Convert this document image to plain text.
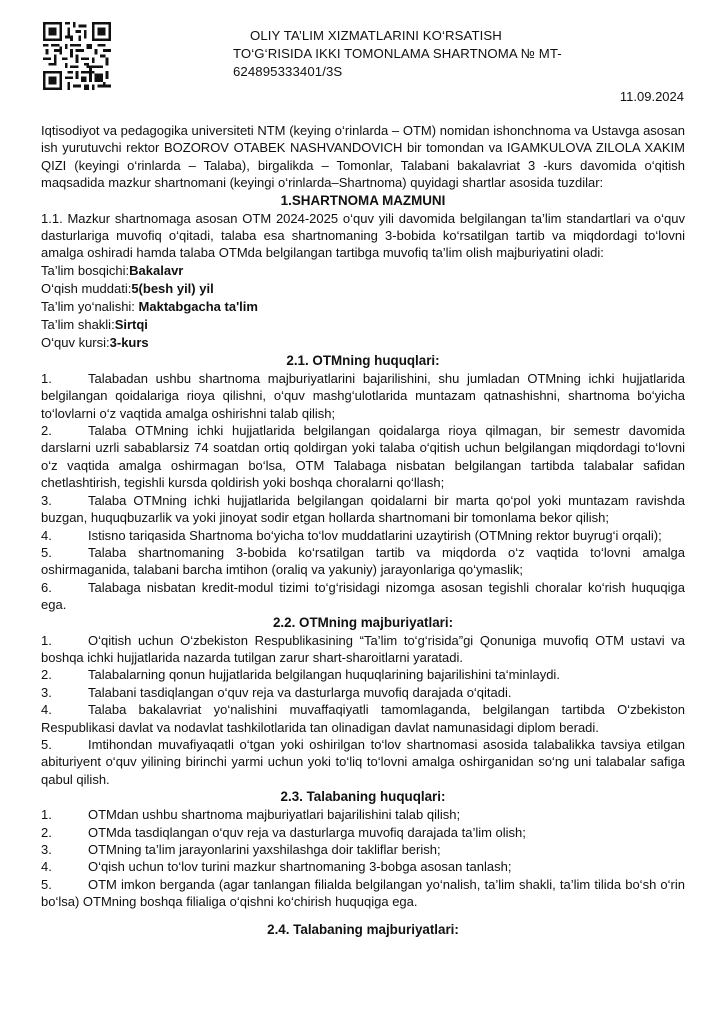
OLIY TA’LIM XIZMATLARINI KO‘RSATISH
TO‘G‘RISIDA IKKI TOMONLAMA SHARTNOMA № MT-
624895333401/3S
11.09.2024

Iqtisodiyot va pedagogika universiteti NTM (keying o‘rinlarda – OTM) nomidan ishonchnoma va Ustavga asosan ish yurutuvchi rektor BOZOROV OTABEK NASHVANDOVICH bir tomondan va IGAMKULOVA ZILOLA XAKIM QIZI (keyingi o‘rinlarda – Talaba), birgalikda – Tomonlar, Talabani bakalavriat 3 -kurs davomida o‘qitish maqsadida mazkur shartnomani (keyingi o‘rinlarda–Shartnoma) quyidagi shartlar asosida tuzdilar:

1.SHARTNOMA MAZMUNI

1.1. Mazkur shartnomaga asosan OTM 2024-2025 o‘quv yili davomida belgilangan ta’lim standartlari va o‘quv dasturlariga muvofiq o‘qitadi, talaba esa shartnomaning 3-bobida ko‘rsatilgan tartib va miqdordagi to‘lovni amalga oshiradi hamda talaba OTMda belgilangan tartibga muvofiq ta’lim olish majburiyatini oladi:

Ta’lim bosqichi:Bakalavr
O‘qish muddati:5(besh yil) yil
Ta’lim yo‘nalishi: Maktabgacha ta'lim
Ta’lim shakli:Sirtqi
O‘quv kursi:3-kurs
2.1. OTMning huquqlari:

1.	Talabadan ushbu shartnoma majburiyatlarini bajarilishini, shu jumladan OTMning ichki hujjatlarida belgilangan qoidalariga rioya qilishni, o‘quv mashg‘ulotlarida muntazam qatnashishni, shartnoma bo‘yicha to‘lovlarni o‘z vaqtida amalga oshirishni talab qilish;

2.	Talaba OTMning ichki hujjatlarida belgilangan qoidalarga rioya qilmagan, bir semestr davomida darslarni uzrli sabablarsiz 74 soatdan ortiq qoldirgan yoki talaba o‘qitish uchun belgilangan miqdordagi to‘lovni o‘z vaqtida amalga oshirmagan bo‘lsa, OTM Talabaga nisbatan belgilangan tartibda talabalar safidan chetlashtirish, tegishli kursda qoldirish yoki boshqa choralarni qo‘llash;

3.	Talaba OTMning ichki hujjatlarida belgilangan qoidalarni bir marta qo‘pol yoki muntazam ravishda buzgan, huquqbuzarlik va yoki jinoyat sodir etgan hollarda shartnomani bir tomonlama bekor qilish;

4.	Istisno tariqasida Shartnoma bo‘yicha to‘lov muddatlarini uzaytirish (OTMning rektor buyrug‘i orqali);

5.	Talaba shartnomaning 3-bobida ko‘rsatilgan tartib va miqdorda o‘z vaqtida to‘lovni amalga oshirmaganida, talabani barcha imtihon (oraliq va yakuniy) jarayonlariga qo‘ymaslik;

6.	Talabaga nisbatan kredit-modul tizimi to‘g‘risidagi nizomga asosan tegishli choralar ko‘rish huquqiga ega.

2.2. OTMning majburiyatlari:

1.	O‘qitish uchun O‘zbekiston Respublikasining “Ta’lim to‘g‘risida”gi Qonuniga muvofiq OTM ustavi va boshqa ichki hujjatlarida nazarda tutilgan zarur shart-sharoitlarni yaratadi.

2.	Talabalarning qonun hujjatlarida belgilangan huquqlarining bajarilishini ta‘minlaydi.

3.	Talabani tasdiqlangan o‘quv reja va dasturlarga muvofiq darajada o‘qitadi.

4.	Talaba bakalavriat yo‘nalishini muvaffaqiyatli tamomlaganda, belgilangan tartibda O‘zbekiston Respublikasi davlat va nodavlat tashkilotlarida tan olinadigan davlat namunasidagi diplom beradi.

5.	Imtihondan muvafiyaqatli o‘tgan yoki oshirilgan to‘lov shartnomasi asosida talabalikka tavsiya etilgan abituriyent o‘quv yilining birinchi yarmi uchun yoki to‘liq to‘lovni amalga oshirganidan so‘ng uni talabalar safiga qabul qilish.

2.3. Talabaning huquqlari:

1.	OTMdan ushbu shartnoma majburiyatlari bajarilishini talab qilish;

2.	OTMda tasdiqlangan o‘quv reja va dasturlarga muvofiq darajada ta’lim olish;

3.	OTMning ta’lim jarayonlarini yaxshilashga doir takliflar berish;

4.	O‘qish uchun to‘lov turini mazkur shartnomaning 3-bobga asosan tanlash;

5.	OTM imkon berganda (agar tanlangan filialda belgilangan yo‘nalish, ta’lim shakli, ta’lim tilida bo‘sh o‘rin bo‘lsa) OTMning boshqa filialiga o‘qishni ko‘chirish huquqiga ega.

2.4. Talabaning majburiyatlari:
